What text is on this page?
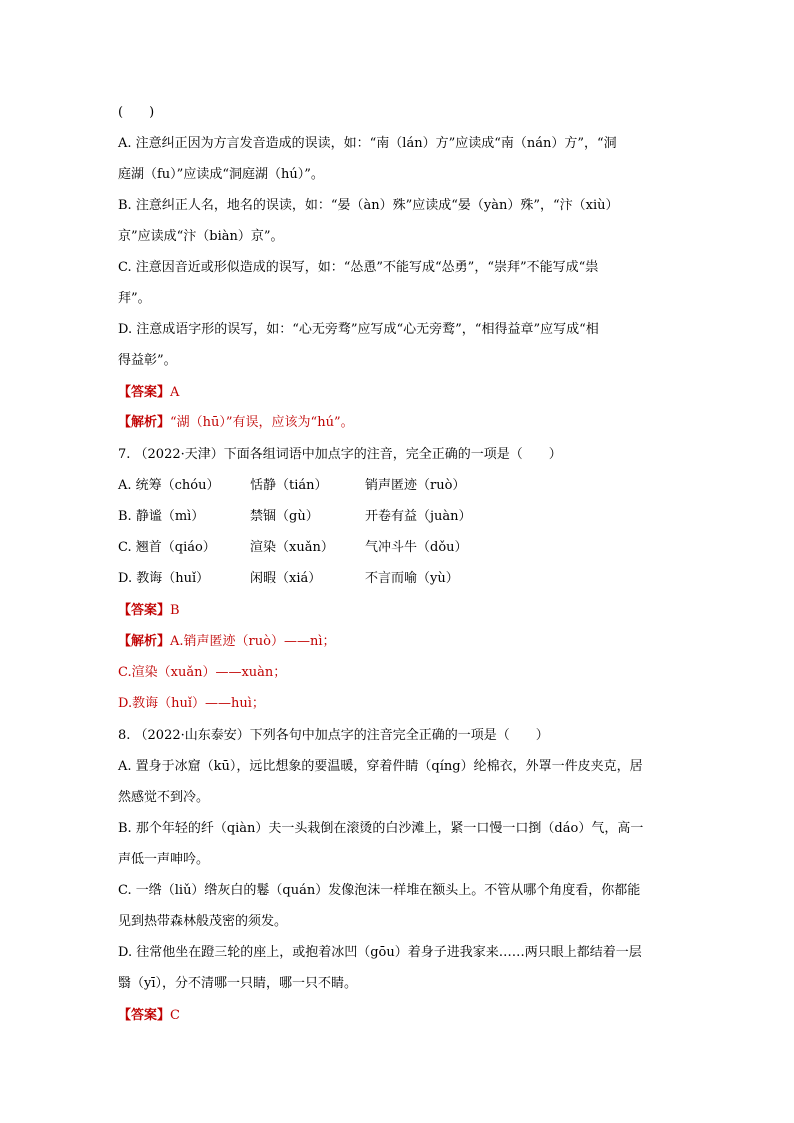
(　　)
A. 注意纠正因为方言发音造成的误读，如：“南（lán）方”应读成“南（nán）方”，“洞
庭湖（fu）”应读成“洞庭湖（hú）”。
B. 注意纠正人名，地名的误读，如：“晏（àn）殊”应读成“晏（yàn）殊”，“汴（xiù）
京”应读成“汴（biàn）京”。
C. 注意因音近或形似造成的误写，如：“怂恿”不能写成“怂勇”，“崇拜”不能写成“祟
拜”。
D. 注意成语字形的误写，如：“心无旁骛”应写成“心无旁鹜”，“相得益章”应写成“相
得益彰”。
【答案】A
【解析】“湖（hū）”有误，应该为“hú”。
7. （2022·天津）下面各组词语中加点字的注音，完全正确的一项是（　　）
A. 统筹（chóu） 恬静（tián）	销声匿迹（ruò）
B. 静谧（mì）	禁锢（gù）	开卷有益（juàn）
C. 翘首（qiáo）	渲染（xuǎn） 气冲斗牛（dǒu）
D. 教诲（huǐ）	闲暇（xiá）	不言而喻（yù）
【答案】B
【解析】A.销声匿迹（ruò）——nì；
C.渲染（xuǎn）——xuàn；
D.教诲（huǐ）——huì；
8. （2022·山东泰安）下列各句中加点字的注音完全正确的一项是（　　）
A. 置身于冰窟（kū），远比想象的要温暖，穿着件睛（qíng）纶棉衣，外罩一件皮夹克，居
然感觉不到冷。
B. 那个年轻的纤（qiàn）夫一头栽倒在滚烫的白沙滩上，紧一口慢一口捯（dáo）气，高一
声低一声呻吟。
C. 一绺（liǔ）绺灰白的鬈（quán）发像泡沫一样堆在额头上。不管从哪个角度看，你都能
见到热带森林般茂密的须发。
D. 往常他坐在蹬三轮的座上，或抱着冰凹（gōu）着身子进我家来……两只眼上都结着一层
翳（yī），分不清哪一只睛，哪一只不睛。
【答案】C
